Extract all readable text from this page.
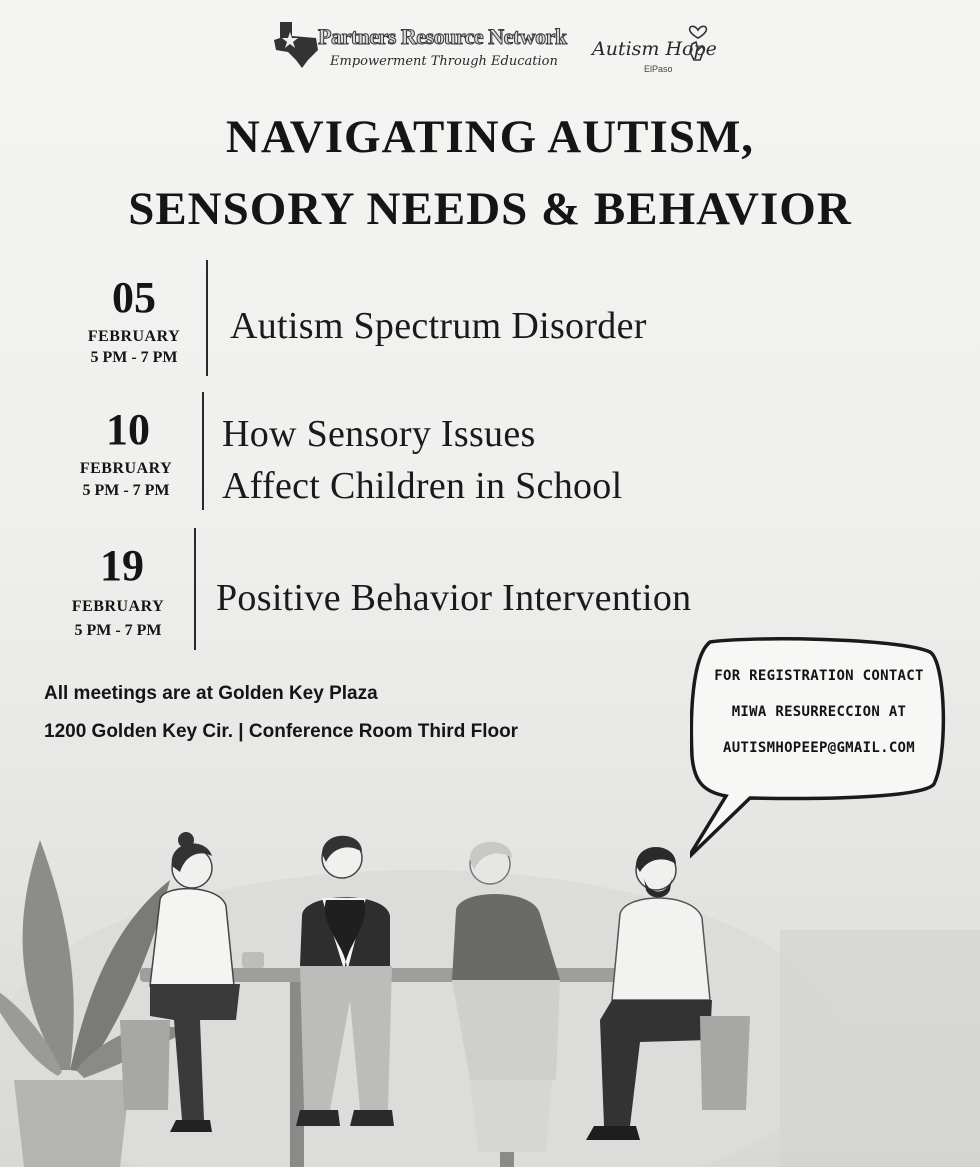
Partners Resource Network
Empowerment Through Education
Autism Hope
ElPaso
NAVIGATING AUTISM,
SENSORY NEEDS & BEHAVIOR
05
FEBRUARY
5 PM - 7 PM
Autism Spectrum Disorder
10
FEBRUARY
5 PM - 7 PM
How Sensory Issues
Affect Children in School
19
FEBRUARY
5 PM - 7 PM
Positive Behavior Intervention
All meetings are at Golden Key Plaza
1200 Golden Key Cir. | Conference Room Third Floor
FOR REGISTRATION CONTACT
MIWA RESURRECCION AT
AUTISMHOPEEP@GMAIL.COM
